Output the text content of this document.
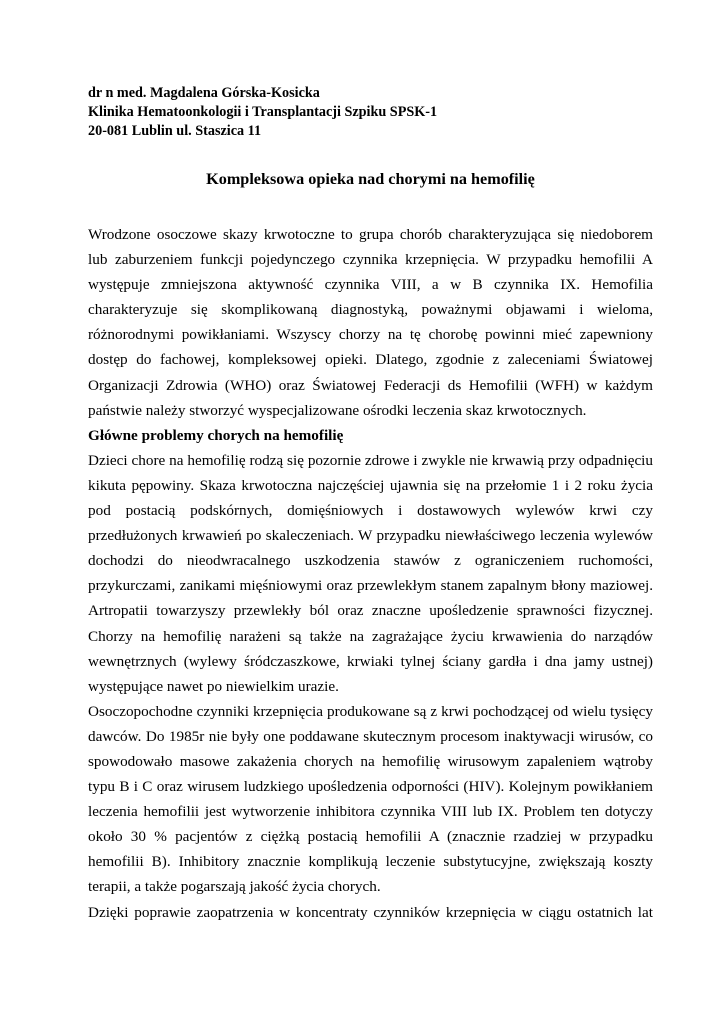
dr n med. Magdalena Górska-Kosicka
Klinika Hematoonkologii i Transplantacji Szpiku SPSK-1
20-081 Lublin ul. Staszica 11
Kompleksowa opieka nad chorymi na hemofilię

Wrodzone osoczowe skazy krwotoczne to grupa chorób charakteryzująca się niedoborem lub zaburzeniem funkcji pojedynczego czynnika krzepnięcia. W przypadku hemofilii A występuje zmniejszona aktywność czynnika VIII, a w B czynnika IX. Hemofilia charakteryzuje się skomplikowaną diagnostyką, poważnymi objawami i wieloma, różnorodnymi powikłaniami. Wszyscy chorzy na tę chorobę powinni mieć zapewniony dostęp do fachowej, kompleksowej opieki. Dlatego, zgodnie z zaleceniami Światowej Organizacji Zdrowia (WHO) oraz Światowej Federacji ds Hemofilii (WFH) w każdym państwie należy stworzyć wyspecjalizowane ośrodki leczenia skaz krwotocznych.

Główne problemy chorych na hemofilię

Dzieci chore na hemofilię rodzą się pozornie zdrowe i zwykle nie krwawią przy odpadnięciu kikuta pępowiny. Skaza krwotoczna najczęściej ujawnia się na przełomie 1 i 2 roku życia pod postacią podskórnych, domięśniowych i dostawowych wylewów krwi czy przedłużonych krwawień po skaleczeniach. W przypadku niewłaściwego leczenia wylewów dochodzi do nieodwracalnego uszkodzenia stawów z ograniczeniem ruchomości, przykurczami, zanikami mięśniowymi oraz przewlekłym stanem zapalnym błony maziowej. Artropatii towarzyszy przewlekły ból oraz znaczne upośledzenie sprawności fizycznej. Chorzy na hemofilię narażeni są także na zagrażające życiu krwawienia do narządów wewnętrznych (wylewy śródczaszkowe, krwiaki tylnej ściany gardła i dna jamy ustnej) występujące nawet po niewielkim urazie.

Osoczopochodne czynniki krzepnięcia produkowane są z krwi pochodzącej od wielu tysięcy dawców. Do 1985r nie były one poddawane skutecznym procesom inaktywacji wirusów, co spowodowało masowe zakażenia chorych na hemofilię wirusowym zapaleniem wątroby typu B i C oraz wirusem ludzkiego upośledzenia odporności (HIV). Kolejnym powikłaniem leczenia hemofilii jest wytworzenie inhibitora czynnika VIII lub IX. Problem ten dotyczy około 30 % pacjentów z ciężką postacią hemofilii A (znacznie rzadziej w przypadku hemofilii B). Inhibitory znacznie komplikują leczenie substytucyjne, zwiększają koszty terapii, a także pogarszają jakość życia chorych.

Dzięki poprawie zaopatrzenia w koncentraty czynników krzepnięcia w ciągu ostatnich lat
